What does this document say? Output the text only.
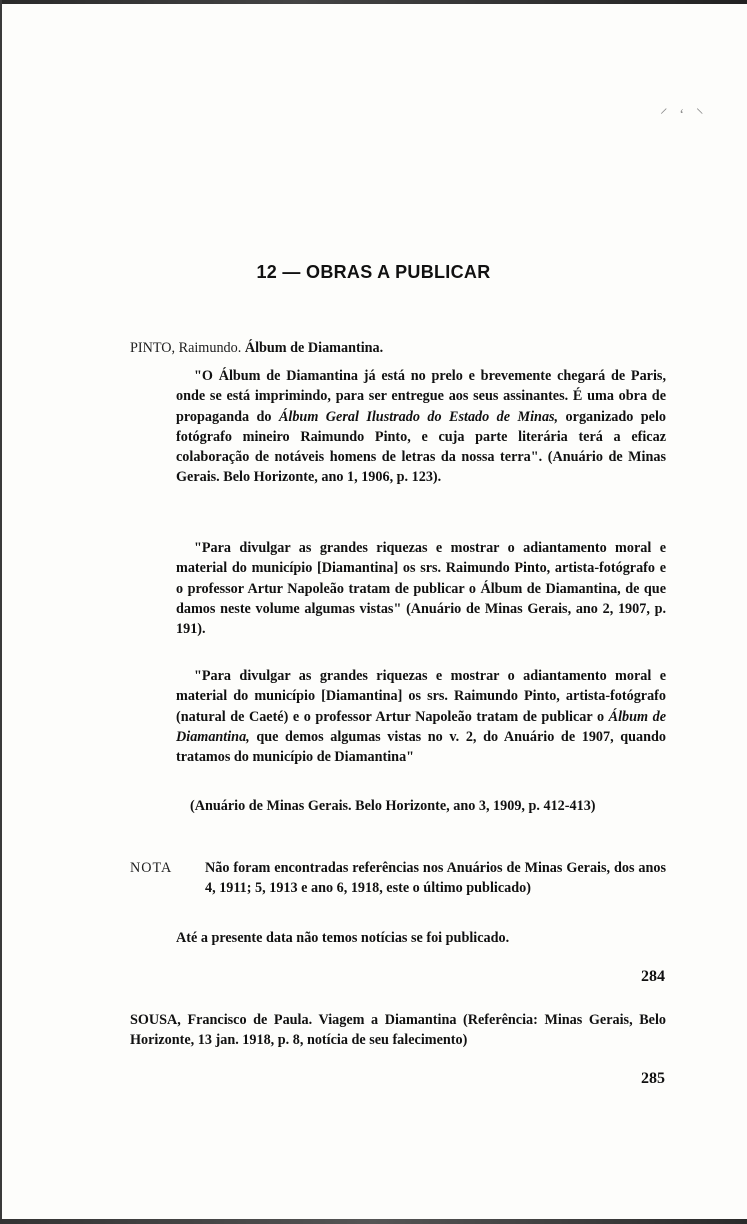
⸍ ʻ ⸌
12 — OBRAS A PUBLICAR
PINTO, Raimundo. Álbum de Diamantina.
"O Álbum de Diamantina já está no prelo e brevemente chegará de Paris, onde se está imprimindo, para ser entregue aos seus assinantes. É uma obra de propaganda do Álbum Geral Ilustrado do Estado de Minas, organizado pelo fotógrafo mineiro Raimundo Pinto, e cuja parte literária terá a eficaz colaboração de notáveis homens de letras da nossa terra". (Anuário de Minas Gerais. Belo Horizonte, ano 1, 1906, p. 123).
"Para divulgar as grandes riquezas e mostrar o adiantamento moral e material do município [Diamantina] os srs. Raimundo Pinto, artista-fotógrafo e o professor Artur Napoleão tratam de publicar o Álbum de Diamantina, de que damos neste volume algumas vistas" (Anuário de Minas Gerais, ano 2, 1907, p. 191).
"Para divulgar as grandes riquezas e mostrar o adiantamento moral e material do município [Diamantina] os srs. Raimundo Pinto, artista-fotógrafo (natural de Caeté) e o professor Artur Napoleão tratam de publicar o Álbum de Diamantina, que demos algumas vistas no v. 2, do Anuário de 1907, quando tratamos do município de Diamantina"
(Anuário de Minas Gerais. Belo Horizonte, ano 3, 1909, p. 412-413)
NOTA Não foram encontradas referências nos Anuários de Minas Gerais, dos anos 4, 1911; 5, 1913 e ano 6, 1918, este o último publicado)
Até a presente data não temos notícias se foi publicado.
284
SOUSA, Francisco de Paula. Viagem a Diamantina (Referência: Minas Gerais, Belo Horizonte, 13 jan. 1918, p. 8, notícia de seu falecimento)
285
